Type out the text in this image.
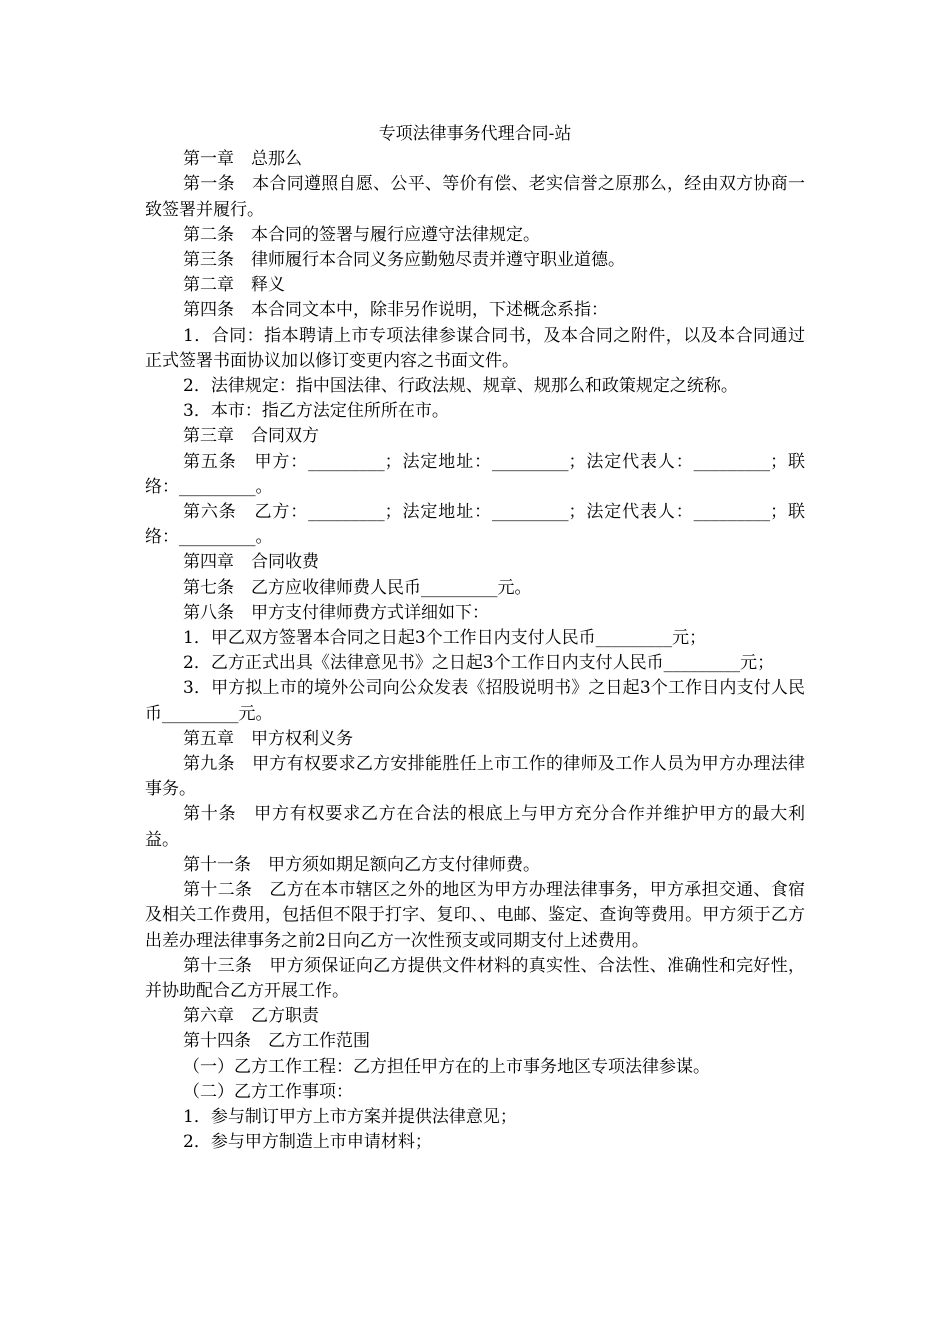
专项法律事务代理合同-站

第一章　总那么

第一条　本合同遵照自愿、公平、等价有偿、老实信誉之原那么，经由双方协商一致签署并履行。

第二条　本合同的签署与履行应遵守法律规定。

第三条　律师履行本合同义务应勤勉尽责并遵守职业道德。

第二章　释义

第四条　本合同文本中，除非另作说明，下述概念系指：

1．合同：指本聘请上市专项法律参谋合同书，及本合同之附件，以及本合同通过正式签署书面协议加以修订变更内容之书面文件。

2．法律规定：指中国法律、行政法规、规章、规那么和政策规定之统称。

3．本市：指乙方法定住所所在市。

第三章　合同双方

第五条　甲方：_________；法定地址：_________；法定代表人：_________；联络：_________。

第六条　乙方：_________；法定地址：_________；法定代表人：_________；联络：_________。

第四章　合同收费

第七条　乙方应收律师费人民币_________元。

第八条　甲方支付律师费方式详细如下：

1．甲乙双方签署本合同之日起3个工作日内支付人民币_________元；

2．乙方正式出具《法律意见书》之日起3个工作日内支付人民币_________元；

3．甲方拟上市的境外公司向公众发表《招股说明书》之日起3个工作日内支付人民币_________元。

第五章　甲方权利义务

第九条　甲方有权要求乙方安排能胜任上市工作的律师及工作人员为甲方办理法律事务。

第十条　甲方有权要求乙方在合法的根底上与甲方充分合作并维护甲方的最大利益。

第十一条　甲方须如期足额向乙方支付律师费。

第十二条　乙方在本市辖区之外的地区为甲方办理法律事务，甲方承担交通、食宿及相关工作费用，包括但不限于打字、复印、、电邮、鉴定、查询等费用。甲方须于乙方出差办理法律事务之前2日向乙方一次性预支或同期支付上述费用。

第十三条　甲方须保证向乙方提供文件材料的真实性、合法性、准确性和完好性，并协助配合乙方开展工作。

第六章　乙方职责

第十四条　乙方工作范围

（一）乙方工作工程：乙方担任甲方在的上市事务地区专项法律参谋。

（二）乙方工作事项：

1．参与制订甲方上市方案并提供法律意见；

2．参与甲方制造上市申请材料；
